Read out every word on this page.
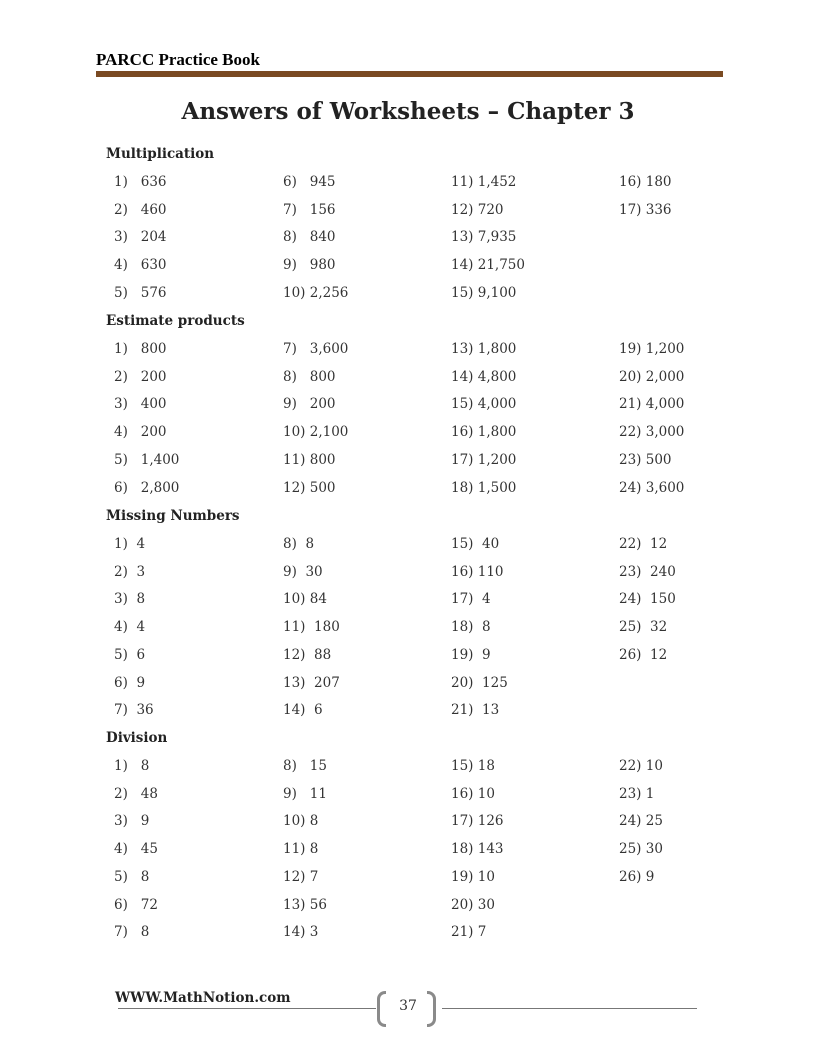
PARCC Practice Book
Answers of Worksheets – Chapter 3
Multiplication
1)   636
2)   460
3)   204
4)   630
5)   576
6)   945
7)   156
8)   840
9)   980
10) 2,256
11) 1,452
12) 720
13) 7,935
14) 21,750
15) 9,100
16) 180
17) 336
Estimate products
1)   800
2)   200
3)   400
4)   200
5)   1,400
6)   2,800
7)   3,600
8)   800
9)   200
10) 2,100
11) 800
12) 500
13) 1,800
14) 4,800
15) 4,000
16) 1,800
17) 1,200
18) 1,500
19) 1,200
20) 2,000
21) 4,000
22) 3,000
23) 500
24) 3,600
Missing Numbers
1)  4
2)  3
3)  8
4)  4
5)  6
6)  9
7)  36
8)  8
9)  30
10) 84
11)  180
12)  88
13)  207
14)  6
15)  40
16) 110
17)  4
18)  8
19)  9
20)  125
21)  13
22)  12
23)  240
24)  150
25)  32
26)  12
Division
1)   8
2)   48
3)   9
4)   45
5)   8
6)   72
7)   8
8)   15
9)   11
10) 8
11) 8
12) 7
13) 56
14) 3
15) 18
16) 10
17) 126
18) 143
19) 10
20) 30
21) 7
22) 10
23) 1
24) 25
25) 30
26) 9
WWW.MathNotion.com	37
